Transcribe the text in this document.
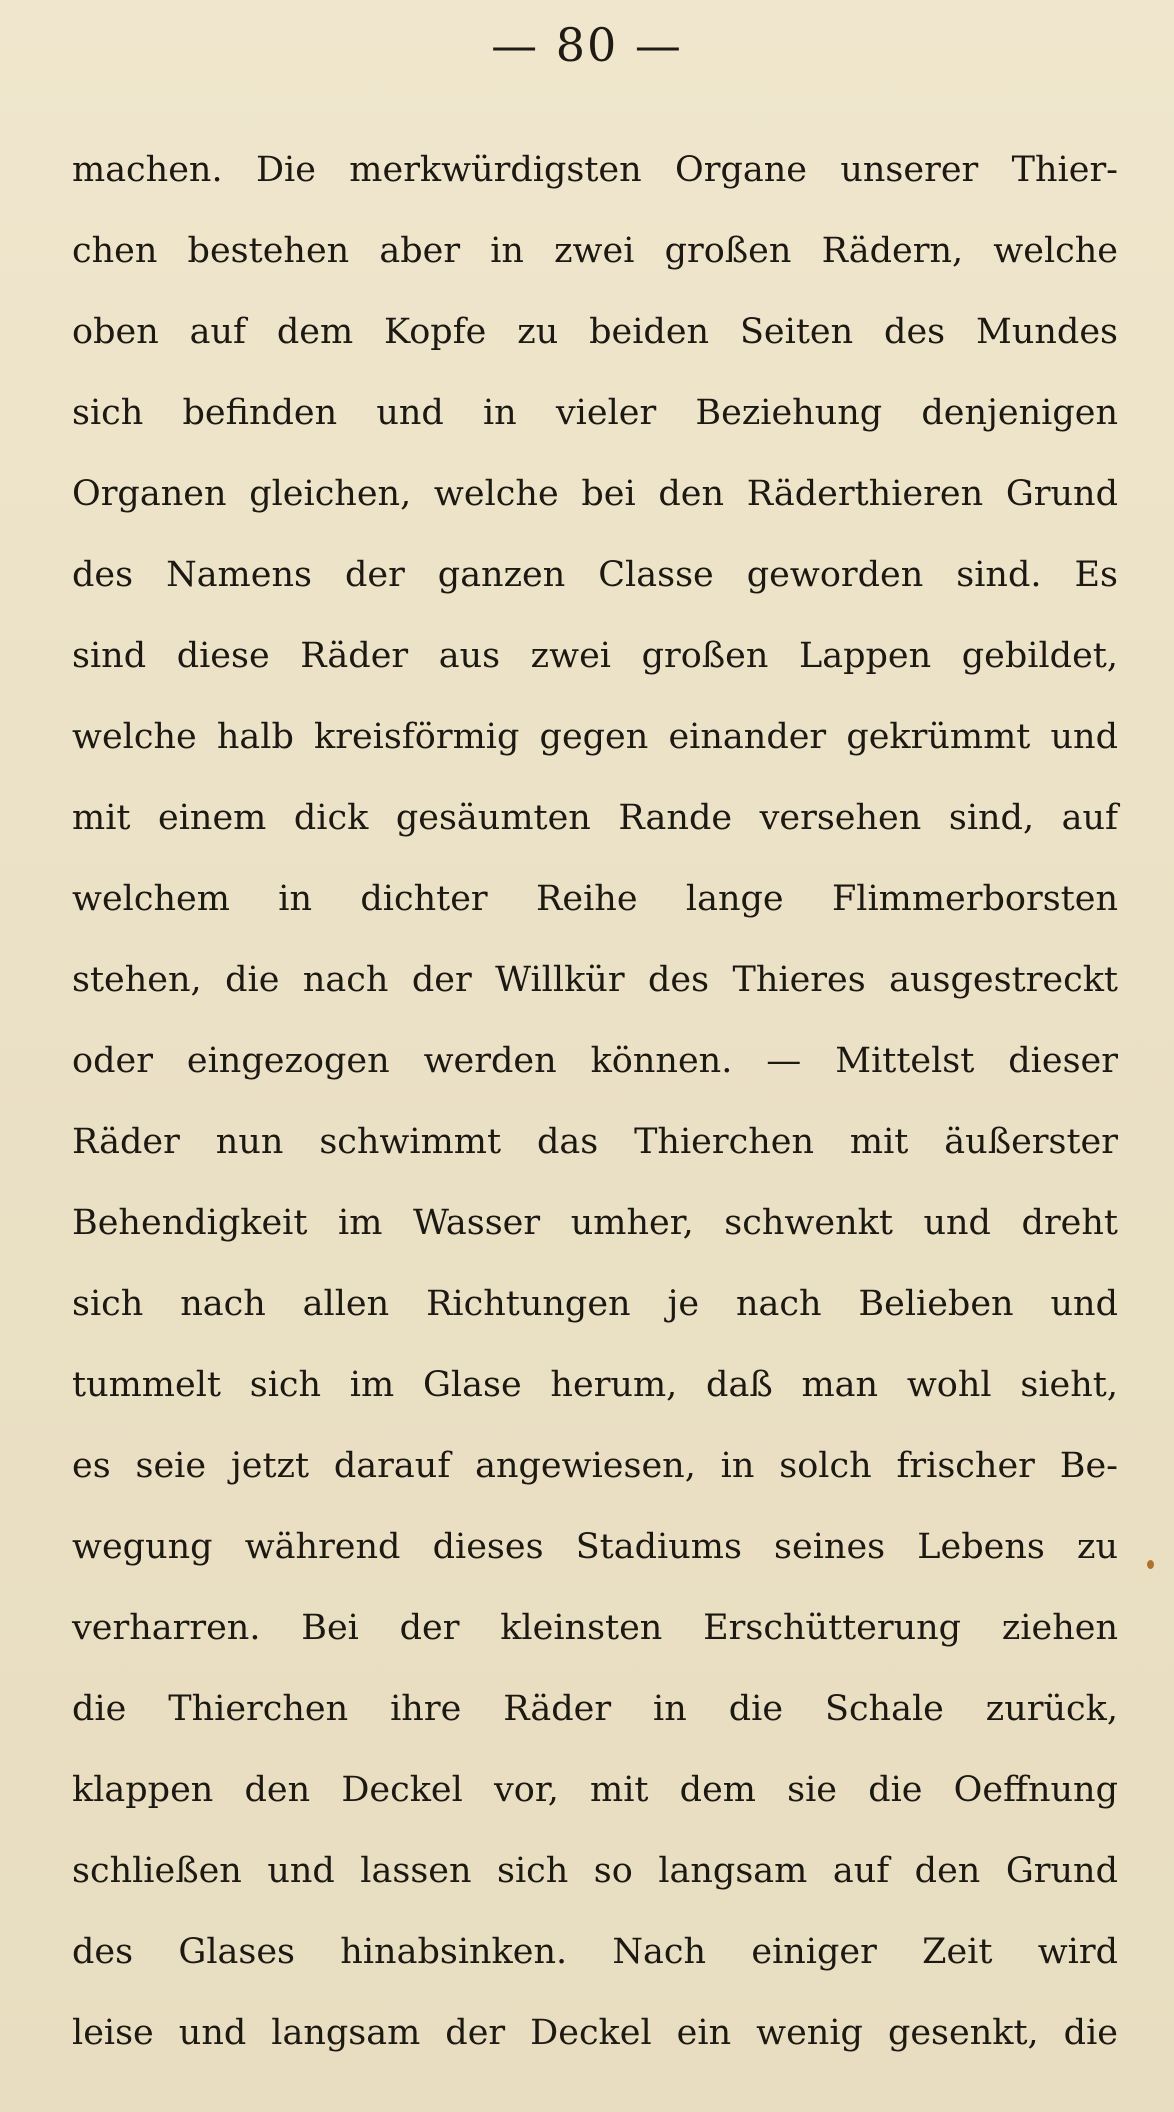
— 80 —
machen. Die merkwürdigsten Organe unserer Thier-
chen bestehen aber in zwei großen Rädern, welche
oben auf dem Kopfe zu beiden Seiten des Mundes
sich befinden und in vieler Beziehung denjenigen
Organen gleichen, welche bei den Räderthieren Grund
des Namens der ganzen Classe geworden sind. Es
sind diese Räder aus zwei großen Lappen gebildet,
welche halb kreisförmig gegen einander gekrümmt und
mit einem dick gesäumten Rande versehen sind, auf
welchem in dichter Reihe lange Flimmerborsten
stehen, die nach der Willkür des Thieres ausgestreckt
oder eingezogen werden können. — Mittelst dieser
Räder nun schwimmt das Thierchen mit äußerster
Behendigkeit im Wasser umher, schwenkt und dreht
sich nach allen Richtungen je nach Belieben und
tummelt sich im Glase herum, daß man wohl sieht,
es seie jetzt darauf angewiesen, in solch frischer Be-
wegung während dieses Stadiums seines Lebens zu
verharren. Bei der kleinsten Erschütterung ziehen
die Thierchen ihre Räder in die Schale zurück,
klappen den Deckel vor, mit dem sie die Oeffnung
schließen und lassen sich so langsam auf den Grund
des Glases hinabsinken. Nach einiger Zeit wird
leise und langsam der Deckel ein wenig gesenkt, die
